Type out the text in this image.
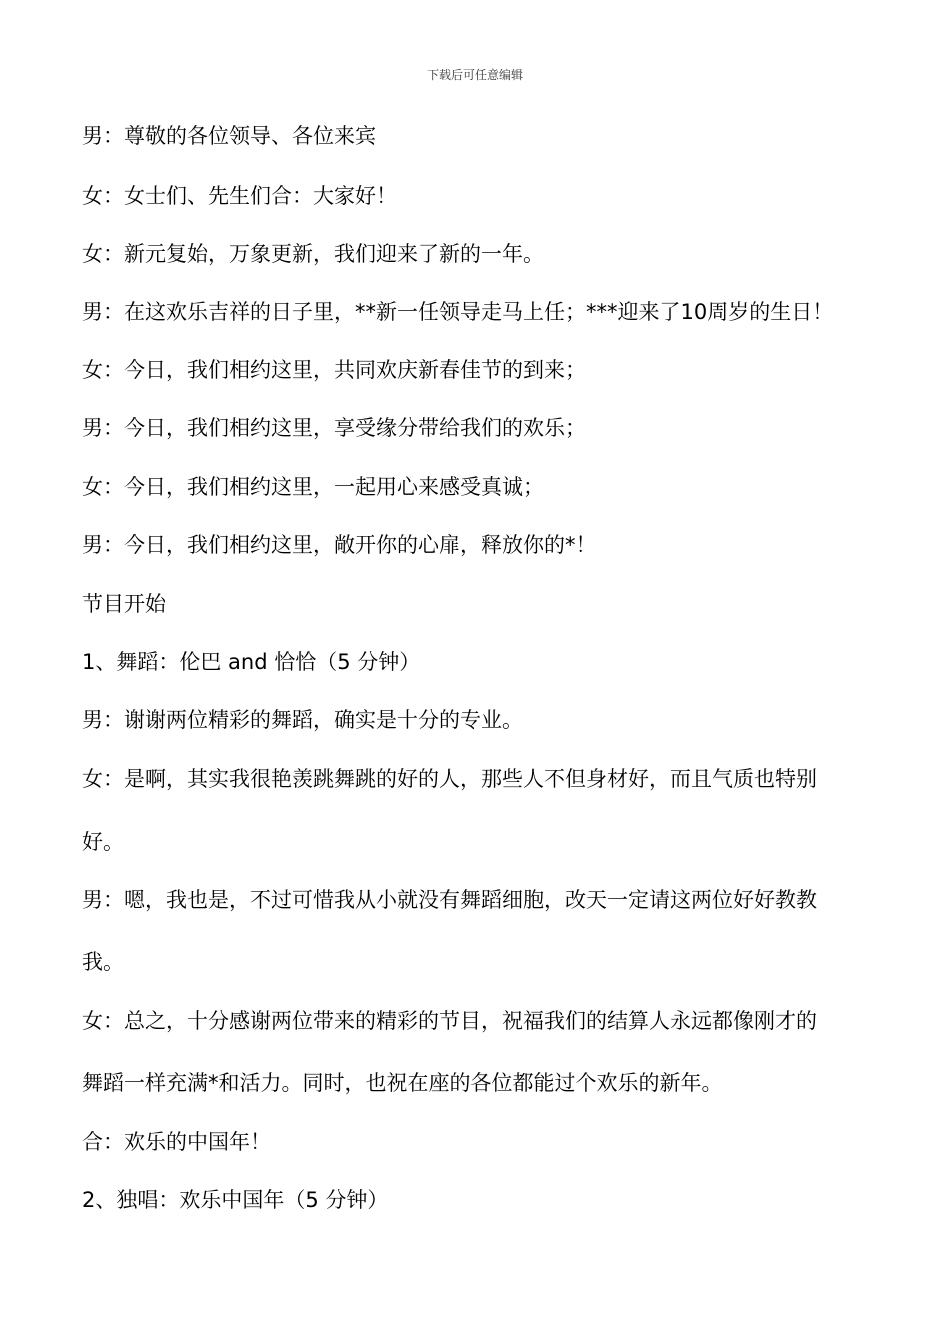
下载后可任意编辑
男：尊敬的各位领导、各位来宾
女：女士们、先生们合：大家好！
女：新元复始，万象更新，我们迎来了新的一年。
男：在这欢乐吉祥的日子里，**新一任领导走马上任；***迎来了10周岁的生日！
女：今日，我们相约这里，共同欢庆新春佳节的到来；
男：今日，我们相约这里，享受缘分带给我们的欢乐；
女：今日，我们相约这里，一起用心来感受真诚；
男：今日，我们相约这里，敞开你的心扉，释放你的*！
节目开始
1、舞蹈：伦巴 and 恰恰（5 分钟）
男：谢谢两位精彩的舞蹈，确实是十分的专业。
女：是啊，其实我很艳羡跳舞跳的好的人，那些人不但身材好，而且气质也特别
好。
男：嗯，我也是，不过可惜我从小就没有舞蹈细胞，改天一定请这两位好好教教
我。
女：总之，十分感谢两位带来的精彩的节目，祝福我们的结算人永远都像刚才的
舞蹈一样充满*和活力。同时，也祝在座的各位都能过个欢乐的新年。
合：欢乐的中国年！
2、独唱：欢乐中国年（5 分钟）
